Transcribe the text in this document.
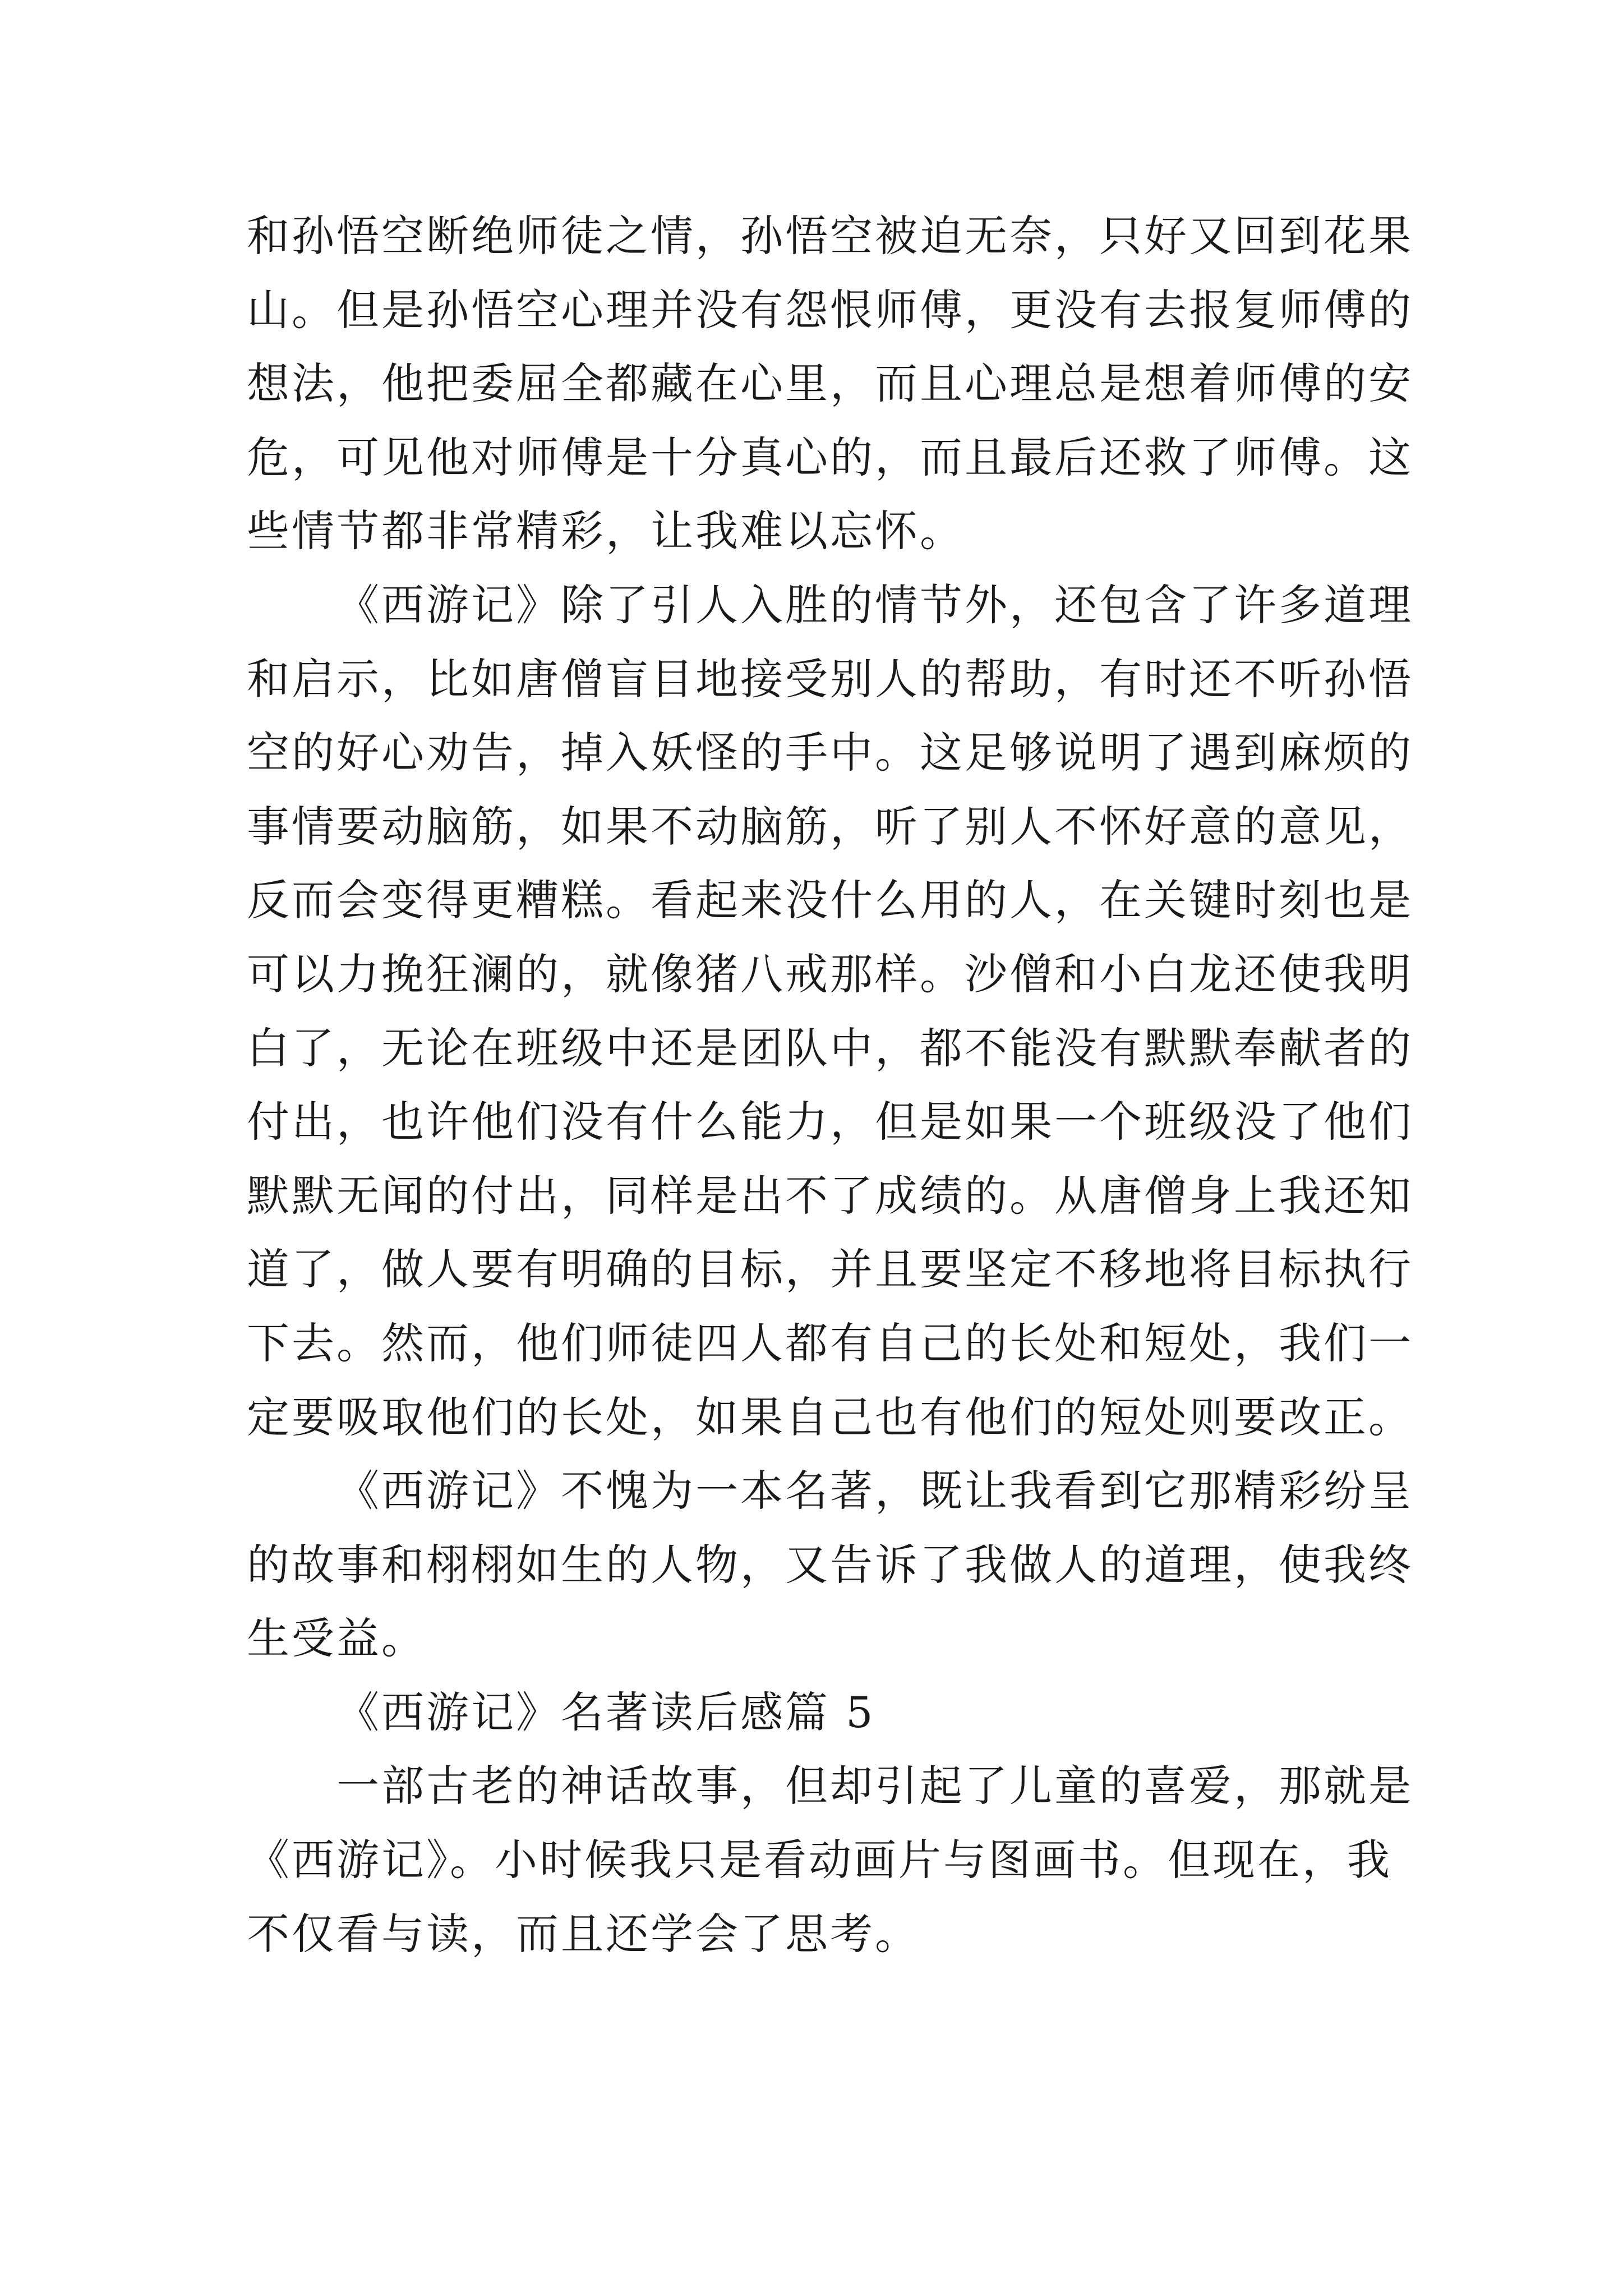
和孙悟空断绝师徒之情，孙悟空被迫无奈，只好又回到花果
山。但是孙悟空心理并没有怨恨师傅，更没有去报复师傅的
想法，他把委屈全都藏在心里，而且心理总是想着师傅的安
危，可见他对师傅是十分真心的，而且最后还救了师傅。这
些情节都非常精彩，让我难以忘怀。
《西游记》除了引人入胜的情节外，还包含了许多道理
和启示，比如唐僧盲目地接受别人的帮助，有时还不听孙悟
空的好心劝告，掉入妖怪的手中。这足够说明了遇到麻烦的
事情要动脑筋，如果不动脑筋，听了别人不怀好意的意见，
反而会变得更糟糕。看起来没什么用的人，在关键时刻也是
可以力挽狂澜的，就像猪八戒那样。沙僧和小白龙还使我明
白了，无论在班级中还是团队中，都不能没有默默奉献者的
付出，也许他们没有什么能力，但是如果一个班级没了他们
默默无闻的付出，同样是出不了成绩的。从唐僧身上我还知
道了，做人要有明确的目标，并且要坚定不移地将目标执行
下去。然而，他们师徒四人都有自己的长处和短处，我们一
定要吸取他们的长处，如果自己也有他们的短处则要改正。
《西游记》不愧为一本名著，既让我看到它那精彩纷呈
的故事和栩栩如生的人物，又告诉了我做人的道理，使我终
生受益。
《西游记》名著读后感篇 5
一部古老的神话故事，但却引起了儿童的喜爱，那就是
《西游记》。小时候我只是看动画片与图画书。但现在，我
不仅看与读，而且还学会了思考。
